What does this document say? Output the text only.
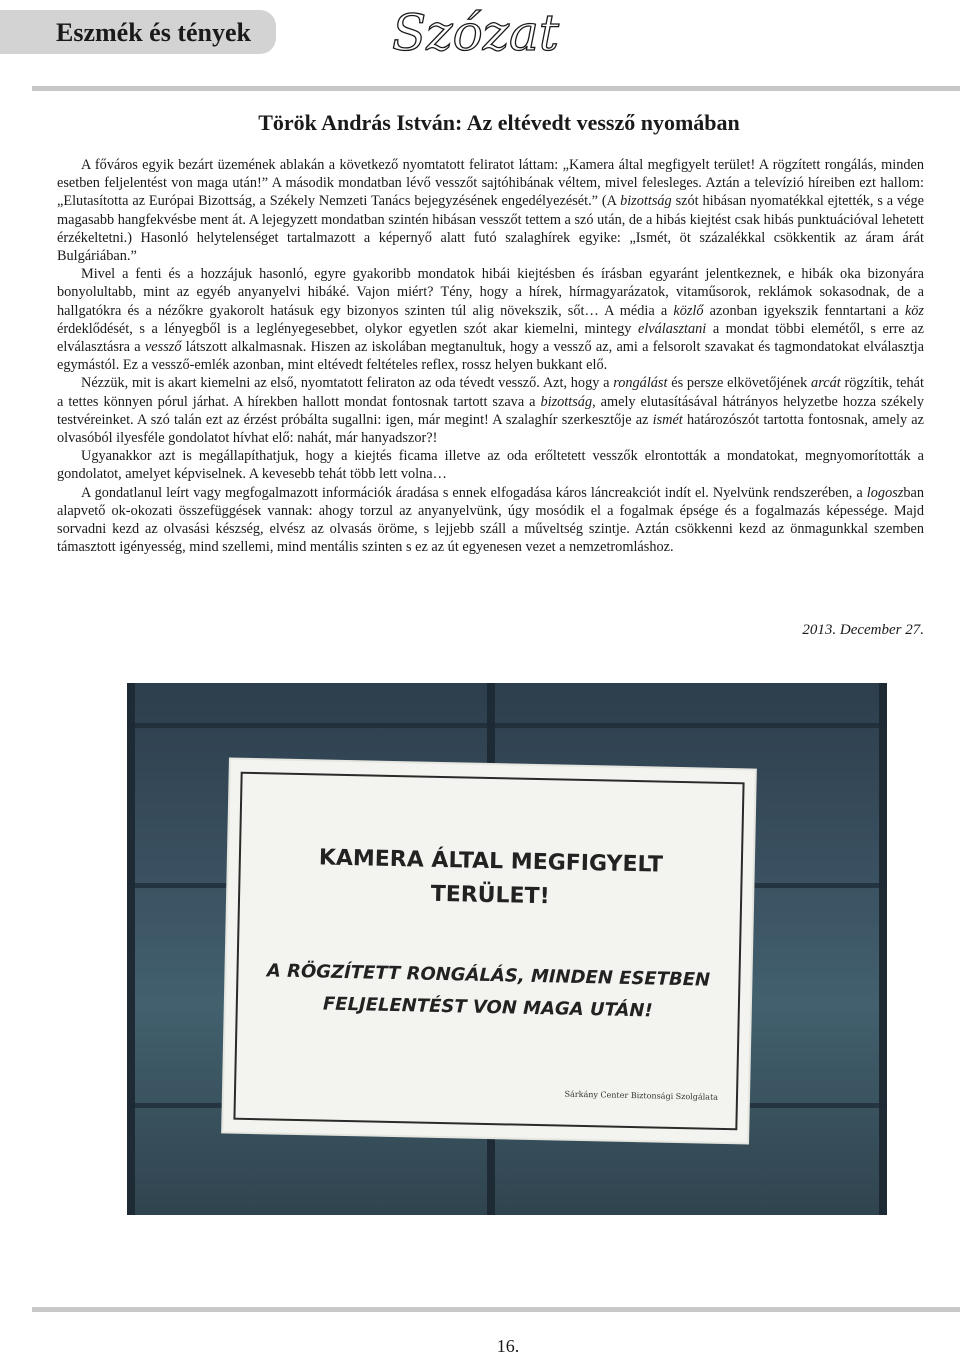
Eszmék és tények	Szózat
Török András István: Az eltévedt vessző nyomában

A főváros egyik bezárt üzemének ablakán a következő nyomtatott feliratot láttam: „Kamera által megfigyelt terület! A rögzített rongálás, minden esetben feljelentést von maga után!” A második mondatban lévő vesszőt sajtóhibának véltem, mivel felesleges. Aztán a televízió híreiben ezt hallom: „Elutasította az Európai Bizottság, a Székely Nemzeti Tanács bejegyzésének engedélyezését.” (A bizottság szót hibásan nyomatékkal ejtették, s a vége magasabb hangfekvésbe ment át. A lejegyzett mondatban szintén hibásan vesszőt tettem a szó után, de a hibás kiejtést csak hibás punktuációval lehetett érzékeltetni.) Hasonló helytelenséget tartalmazott a képernyő alatt futó szalaghírek egyike: „Ismét, öt százalékkal csökkentik az áram árát Bulgáriában.”

Mivel a fenti és a hozzájuk hasonló, egyre gyakoribb mondatok hibái kiejtésben és írásban egyaránt jelentkeznek, e hibák oka bizonyára bonyolultabb, mint az egyéb anyanyelvi hibáké. Vajon miért? Tény, hogy a hírek, hírmagyarázatok, vitaműsorok, reklámok sokasodnak, de a hallgatókra és a nézőkre gyakorolt hatásuk egy bizonyos szinten túl alig növekszik, sőt… A média a közlő azonban igyekszik fenntartani a köz érdeklődését, s a lényegből is a leglényegesebbet, olykor egyetlen szót akar kiemelni, mintegy elválasztani a mondat többi elemétől, s erre az elválasztásra a vessző látszott alkalmasnak. Hiszen az iskolában megtanultuk, hogy a vessző az, ami a felsorolt szavakat és tagmondatokat elválasztja egymástól. Ez a vessző-emlék azonban, mint eltévedt feltételes reflex, rossz helyen bukkant elő.

Nézzük, mit is akart kiemelni az első, nyomtatott feliraton az oda tévedt vessző. Azt, hogy a rongálást és persze elkövetőjének arcát rögzítik, tehát a tettes könnyen pórul járhat. A hírekben hallott mondat fontosnak tartott szava a bizottság, amely elutasításával hátrányos helyzetbe hozza székely testvéreinket. A szó talán ezt az érzést próbálta sugallni: igen, már megint! A szalaghír szerkesztője az ismét határozószót tartotta fontosnak, amely az olvasóból ilyesféle gondolatot hívhat elő: nahát, már hanyadszor?!

Ugyanakkor azt is megállapíthatjuk, hogy a kiejtés ficama illetve az oda erőltetett vesszők elrontották a mondatokat, megnyomorították a gondolatot, amelyet képviselnek. A kevesebb tehát több lett volna…

A gondatlanul leírt vagy megfogalmazott információk áradása s ennek elfogadása káros láncreakciót indít el. Nyelvünk rendszerében, a logoszban alapvető ok-okozati összefüggések vannak: ahogy torzul az anyanyelvünk, úgy mosódik el a fogalmak épsége és a fogalmazás képessége. Majd sorvadni kezd az olvasási készség, elvész az olvasás öröme, s lejjebb száll a műveltség szintje. Aztán csökkenni kezd az önmagunkkal szemben támasztott igényesség, mind szellemi, mind mentális szinten s ez az út egyenesen vezet a nemzetromláshoz.

2013. December 27.
KAMERA ÁLTAL MEGFIGYELT
TERÜLET!
A RÖGZÍTETT RONGÁLÁS, MINDEN ESETBEN
FELJELENTÉST VON MAGA UTÁN!
Sárkány Center Biztonsági Szolgálata
16.
